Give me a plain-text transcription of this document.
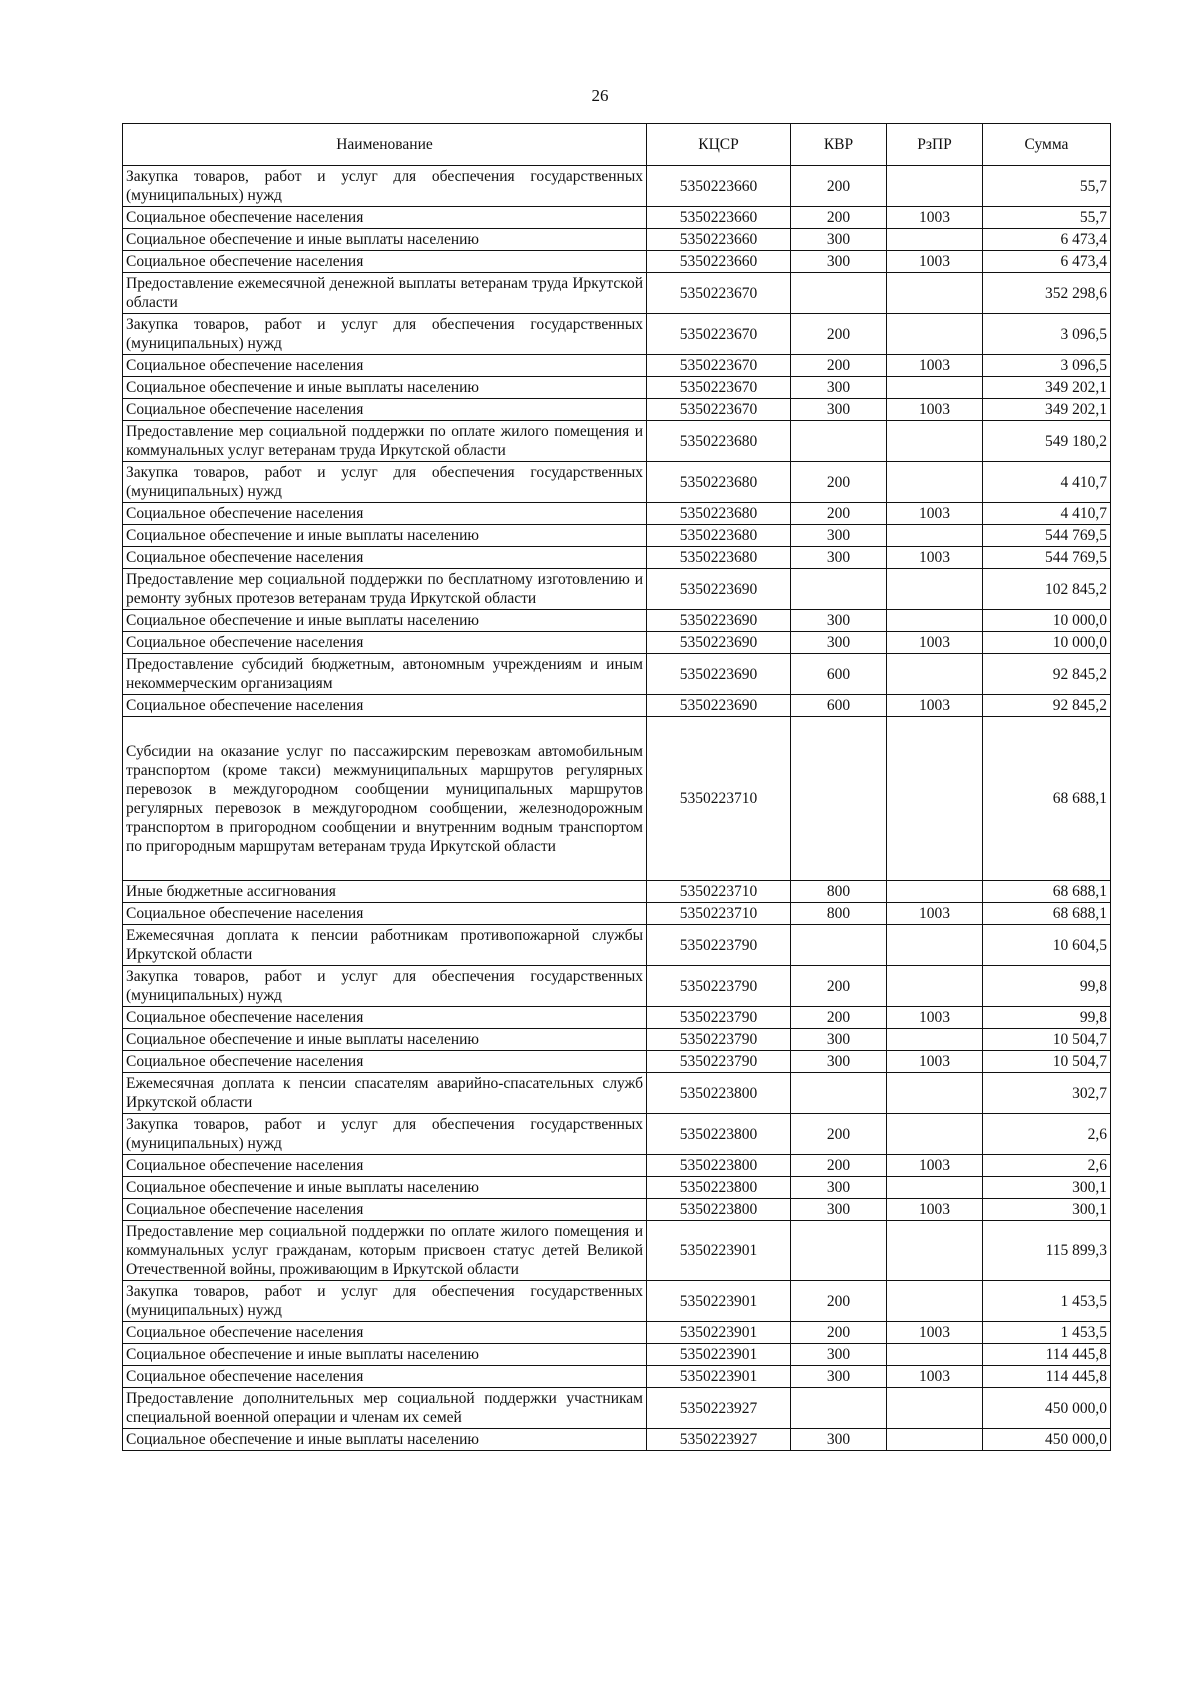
26
Наименование	КЦСР	КВР	РзПР	Сумма
Закупка товаров, работ и услуг для обеспечения государственных (муниципальных) нужд	5350223660	200		55,7
Социальное обеспечение населения	5350223660	200	1003	55,7
Социальное обеспечение и иные выплаты населению	5350223660	300		6 473,4
Социальное обеспечение населения	5350223660	300	1003	6 473,4
Предоставление ежемесячной денежной выплаты ветеранам труда Иркутской области	5350223670			352 298,6
Закупка товаров, работ и услуг для обеспечения государственных (муниципальных) нужд	5350223670	200		3 096,5
Социальное обеспечение населения	5350223670	200	1003	3 096,5
Социальное обеспечение и иные выплаты населению	5350223670	300		349 202,1
Социальное обеспечение населения	5350223670	300	1003	349 202,1
Предоставление мер социальной поддержки по оплате жилого помещения и коммунальных услуг ветеранам труда Иркутской области	5350223680			549 180,2
Закупка товаров, работ и услуг для обеспечения государственных (муниципальных) нужд	5350223680	200		4 410,7
Социальное обеспечение населения	5350223680	200	1003	4 410,7
Социальное обеспечение и иные выплаты населению	5350223680	300		544 769,5
Социальное обеспечение населения	5350223680	300	1003	544 769,5
Предоставление мер социальной поддержки по бесплатному изготовлению и ремонту зубных протезов ветеранам труда Иркутской области	5350223690			102 845,2
Социальное обеспечение и иные выплаты населению	5350223690	300		10 000,0
Социальное обеспечение населения	5350223690	300	1003	10 000,0
Предоставление субсидий бюджетным, автономным учреждениям и иным некоммерческим организациям	5350223690	600		92 845,2
Социальное обеспечение населения	5350223690	600	1003	92 845,2
Субсидии на оказание услуг по пассажирским перевозкам автомобильным транспортом (кроме такси) межмуниципальных маршрутов регулярных перевозок в междугородном сообщении муниципальных маршрутов регулярных перевозок в междугородном сообщении, железнодорожным транспортом в пригородном сообщении и внутренним водным транспортом по пригородным маршрутам ветеранам труда Иркутской области	5350223710			68 688,1
Иные бюджетные ассигнования	5350223710	800		68 688,1
Социальное обеспечение населения	5350223710	800	1003	68 688,1
Ежемесячная доплата к пенсии работникам противопожарной службы Иркутской области	5350223790			10 604,5
Закупка товаров, работ и услуг для обеспечения государственных (муниципальных) нужд	5350223790	200		99,8
Социальное обеспечение населения	5350223790	200	1003	99,8
Социальное обеспечение и иные выплаты населению	5350223790	300		10 504,7
Социальное обеспечение населения	5350223790	300	1003	10 504,7
Ежемесячная доплата к пенсии спасателям аварийно-спасательных служб Иркутской области	5350223800			302,7
Закупка товаров, работ и услуг для обеспечения государственных (муниципальных) нужд	5350223800	200		2,6
Социальное обеспечение населения	5350223800	200	1003	2,6
Социальное обеспечение и иные выплаты населению	5350223800	300		300,1
Социальное обеспечение населения	5350223800	300	1003	300,1
Предоставление мер социальной поддержки по оплате жилого помещения и коммунальных услуг гражданам, которым присвоен статус детей Великой Отечественной войны, проживающим в Иркутской области	5350223901			115 899,3
Закупка товаров, работ и услуг для обеспечения государственных (муниципальных) нужд	5350223901	200		1 453,5
Социальное обеспечение населения	5350223901	200	1003	1 453,5
Социальное обеспечение и иные выплаты населению	5350223901	300		114 445,8
Социальное обеспечение населения	5350223901	300	1003	114 445,8
Предоставление дополнительных мер социальной поддержки участникам специальной военной операции и членам их семей	5350223927			450 000,0
Социальное обеспечение и иные выплаты населению	5350223927	300		450 000,0
